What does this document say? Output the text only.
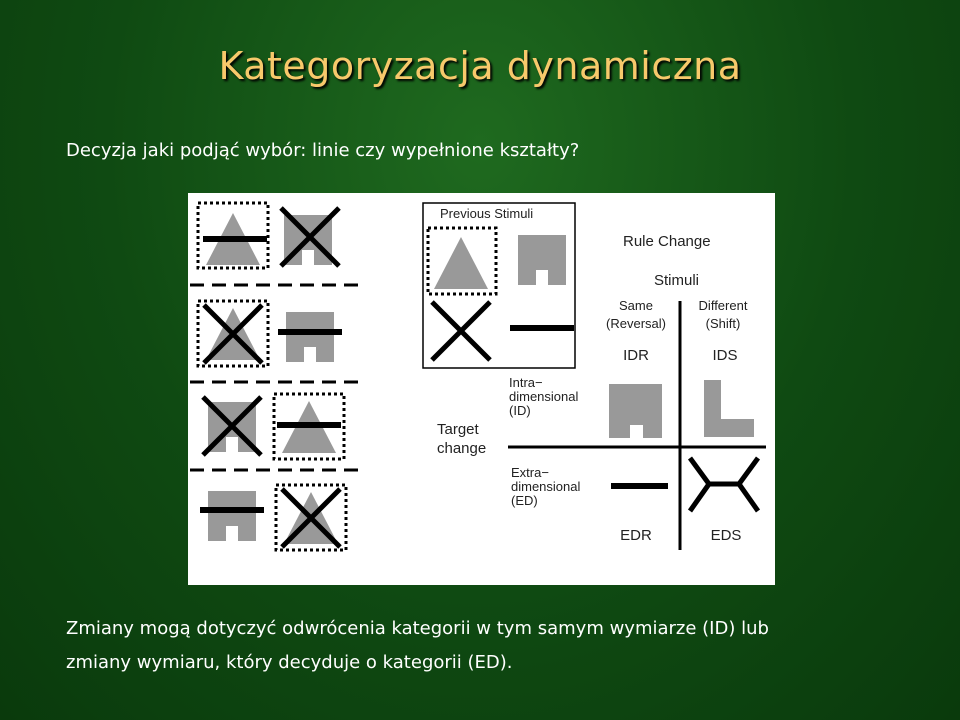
Kategoryzacja dynamiczna
Decyzja jaki podjąć wybór: linie czy wypełnione kształty?
Previous Stimuli
Rule Change
Stimuli
Same
(Reversal)
Different
(Shift)
IDR	IDS
EDR	EDS
Intra−
dimensional
(ID)
Extra−
dimensional
(ED)
Target
change
Zmiany mogą dotyczyć odwrócenia kategorii w tym samym wymiarze (ID) lub
zmiany wymiaru, który decyduje o kategorii (ED).
